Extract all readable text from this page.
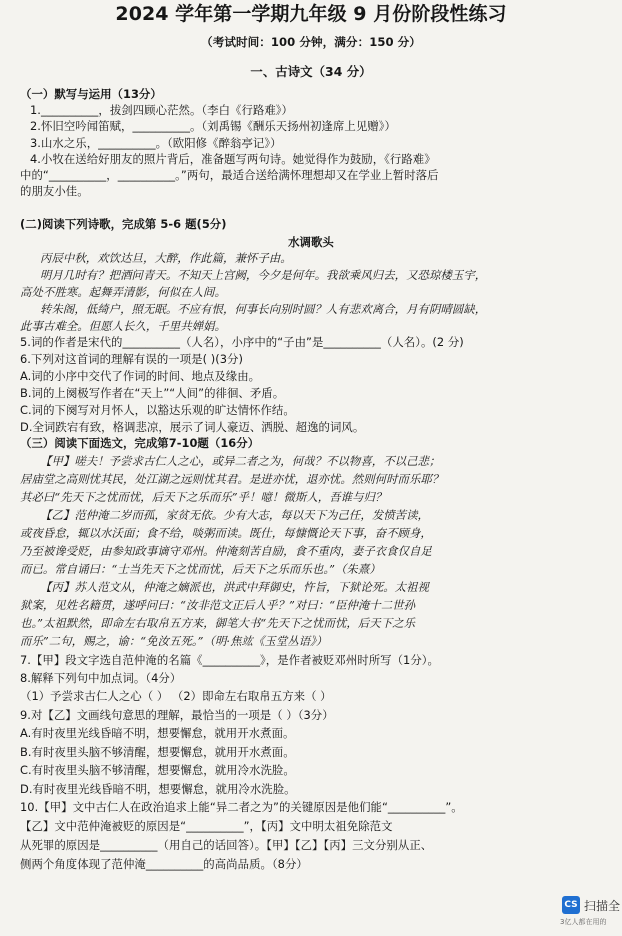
2024 学年第一学期九年级 9 月份阶段性练习
（考试时间：100 分钟，满分：150 分）
一、古诗文（34 分）
（一）默写与运用（13分）
1.__________，拔剑四顾心茫然。（李白《行路难》）
2.怀旧空吟闻笛赋，__________。（刘禹锡《酬乐天扬州初逢席上见赠》）
3.山水之乐，__________。（欧阳修《醉翁亭记》）
4.小牧在送给好朋友的照片背后，准备题写两句诗。她觉得作为鼓励，《行路难》
中的“__________，__________。”两句，最适合送给满怀理想却又在学业上暂时落后
的朋友小佳。
(二)阅读下列诗歌，完成第 5-6 题(5分)
水调歌头
丙辰中秋，欢饮达旦，大醉，作此篇，兼怀子由。
明月几时有？把酒问青天。不知天上宫阙，今夕是何年。我欲乘风归去，又恐琼楼玉宇，
高处不胜寒。起舞弄清影，何似在人间。
转朱阁，低绮户，照无眠。不应有恨，何事长向别时圆？人有悲欢离合，月有阴晴圆缺，
此事古难全。但愿人长久，千里共婵娟。
5.词的作者是宋代的__________（人名），小序中的“子由”是__________（人名）。(2 分)
6.下列对这首词的理解有误的一项是( )(3分)
A.词的小序中交代了作词的时间、地点及缘由。
B.词的上阕极写作者在“天上”“人间”的徘徊、矛盾。
C.词的下阕写对月怀人，以豁达乐观的旷达情怀作结。
D.全词跌宕有致，格调悲凉，展示了词人豪迈、洒脱、超逸的词风。
（三）阅读下面选文，完成第7-10题（16分）
【甲】嗟夫！予尝求古仁人之心，或异二者之为，何哉？不以物喜，不以己悲；
居庙堂之高则忧其民，处江湖之远则忧其君。是进亦忧，退亦忧。然则何时而乐耶？
其必曰“先天下之忧而忧，后天下之乐而乐”乎！噫！微斯人，吾谁与归？
【乙】范仲淹二岁而孤，家贫无依。少有大志，每以天下为己任，发愤苦读，
或夜昏怠，辄以水沃面；食不给，啖粥而读。既仕，每慷慨论天下事，奋不顾身，
乃至被谗受贬，由参知政事谪守邓州。仲淹刻苦自励，食不重肉，妻子衣食仅自足
而已。常自诵曰：“士当先天下之忧而忧，后天下之乐而乐也。”（朱熹）
【丙】苏人范文从，仲淹之嫡派也，洪武中拜御史，忤旨，下狱论死。太祖视
狱案，见姓名籍贯，遂呼问曰：“汝非范文正后人乎？”对曰：“臣仲淹十二世孙
也。”太祖默然，即命左右取帛五方来，御笔大书“先天下之忧而忧，后天下之乐
而乐”二句，赐之，谕：“免汝五死。”（明·焦竑《玉堂丛语》）
7.【甲】段文字选自范仲淹的名篇《__________》，是作者被贬邓州时所写（1分）。
8.解释下列句中加点词。（4分）
（1）予尝求古仁人之心（ ） （2）即命左右取帛五方来（ ）
9.对【乙】文画线句意思的理解，最恰当的一项是（ ）（3分）
A.有时夜里光线昏暗不明，想要懈怠，就用开水煮面。
B.有时夜里头脑不够清醒，想要懈怠，就用开水煮面。
C.有时夜里头脑不够清醒，想要懈怠，就用冷水洗脸。
D.有时夜里光线昏暗不明，想要懈怠，就用冷水洗脸。
10.【甲】文中古仁人在政治追求上能“异二者之为”的关键原因是他们能“__________”。
【乙】文中范仲淹被贬的原因是“__________”，【丙】文中明太祖免除范文
从死罪的原因是__________（用自己的话回答）。【甲】【乙】【丙】三文分别从正、
侧两个角度体现了范仲淹__________的高尚品质。（8分）
CS 扫描全
3亿人都在用的
